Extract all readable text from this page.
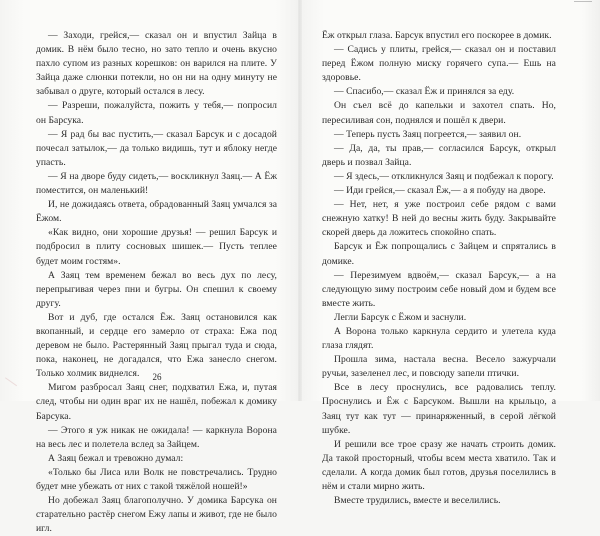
— Заходи, грейся,— сказал он и впустил Зайца в домик. В нём было тесно, но зато тепло и очень вкусно пахло супом из разных корешков: он варился на плите. У Зайца даже слюнки потекли, но он ни на одну минуту не забывал о друге, который остался в лесу.

— Разреши, пожалуйста, пожить у тебя,— попросил он Барсука.

— Я рад бы вас пустить,— сказал Барсук и с досадой почесал затылок,— да только видишь, тут и яблоку негде упасть.

— Я на дворе буду сидеть,— воскликнул Заяц.— А Ёж поместится, он маленький!

И, не дожидаясь ответа, обрадованный Заяц умчался за Ёжом.

«Как видно, они хорошие друзья! — решил Барсук и подбросил в плиту сосновых шишек.— Пусть теплее будет моим гостям».

А Заяц тем временем бежал во весь дух по лесу, перепрыгивая через пни и бугры. Он спешил к своему другу.

Вот и дуб, где остался Ёж. Заяц остановился как вкопанный, и сердце его замерло от страха: Ежа под деревом не было. Растерянный Заяц прыгал туда и сюда, пока, наконец, не догадался, что Ежа занесло снегом. Только холмик виднелся.

Мигом разбросал Заяц снег, подхватил Ежа, и, путая след, чтобы ни один враг их не нашёл, побежал к домику Барсука.

— Этого я уж никак не ожидала! — каркнула Ворона на весь лес и полетела вслед за Зайцем.

А Заяц бежал и тревожно думал:

«Только бы Лиса или Волк не повстречались. Трудно будет мне убежать от них с такой тяжёлой ношей!»

Но добежал Заяц благополучно. У домика Барсука он старательно растёр снегом Ежу лапы и живот, где не было игл.

26

Ёж открыл глаза. Барсук впустил его поскорее в домик.

— Садись у плиты, грейся,— сказал он и поставил перед Ёжом полную миску горячего супа.— Ешь на здоровье.

— Спасибо,— сказал Ёж и принялся за еду.

Он съел всё до капельки и захотел спать. Но, пересиливая сон, поднялся и пошёл к двери.

— Теперь пусть Заяц погреется,— заявил он.

— Да, да, ты прав,— согласился Барсук, открыл дверь и позвал Зайца.

— Я здесь,— откликнулся Заяц и подбежал к порогу.

— Иди грейся,— сказал Ёж,— а я побуду на дворе.

— Нет, нет, я уже построил себе рядом с вами снежную хатку! В ней до весны жить буду. Закрывайте скорей дверь да ложитесь спокойно спать.

Барсук и Ёж попрощались с Зайцем и спрятались в домике.

— Перезимуем вдвоём,— сказал Барсук,— а на следующую зиму построим себе новый дом и будем все вместе жить.

Легли Барсук с Ёжом и заснули.

А Ворона только каркнула сердито и улетела куда глаза глядят.

Прошла зима, настала весна. Весело зажурчали ручьи, зазеленел лес, и повсюду запели птички.

Все в лесу проснулись, все радовались теплу. Проснулись и Ёж с Барсуком. Вышли на крыльцо, а Заяц тут как тут — принаряженный, в серой лёгкой шубке.

И решили все трое сразу же начать строить домик. Да такой просторный, чтобы всем места хватило. Так и сделали. А когда домик был готов, друзья поселились в нём и стали мирно жить.

Вместе трудились, вместе и веселились.
